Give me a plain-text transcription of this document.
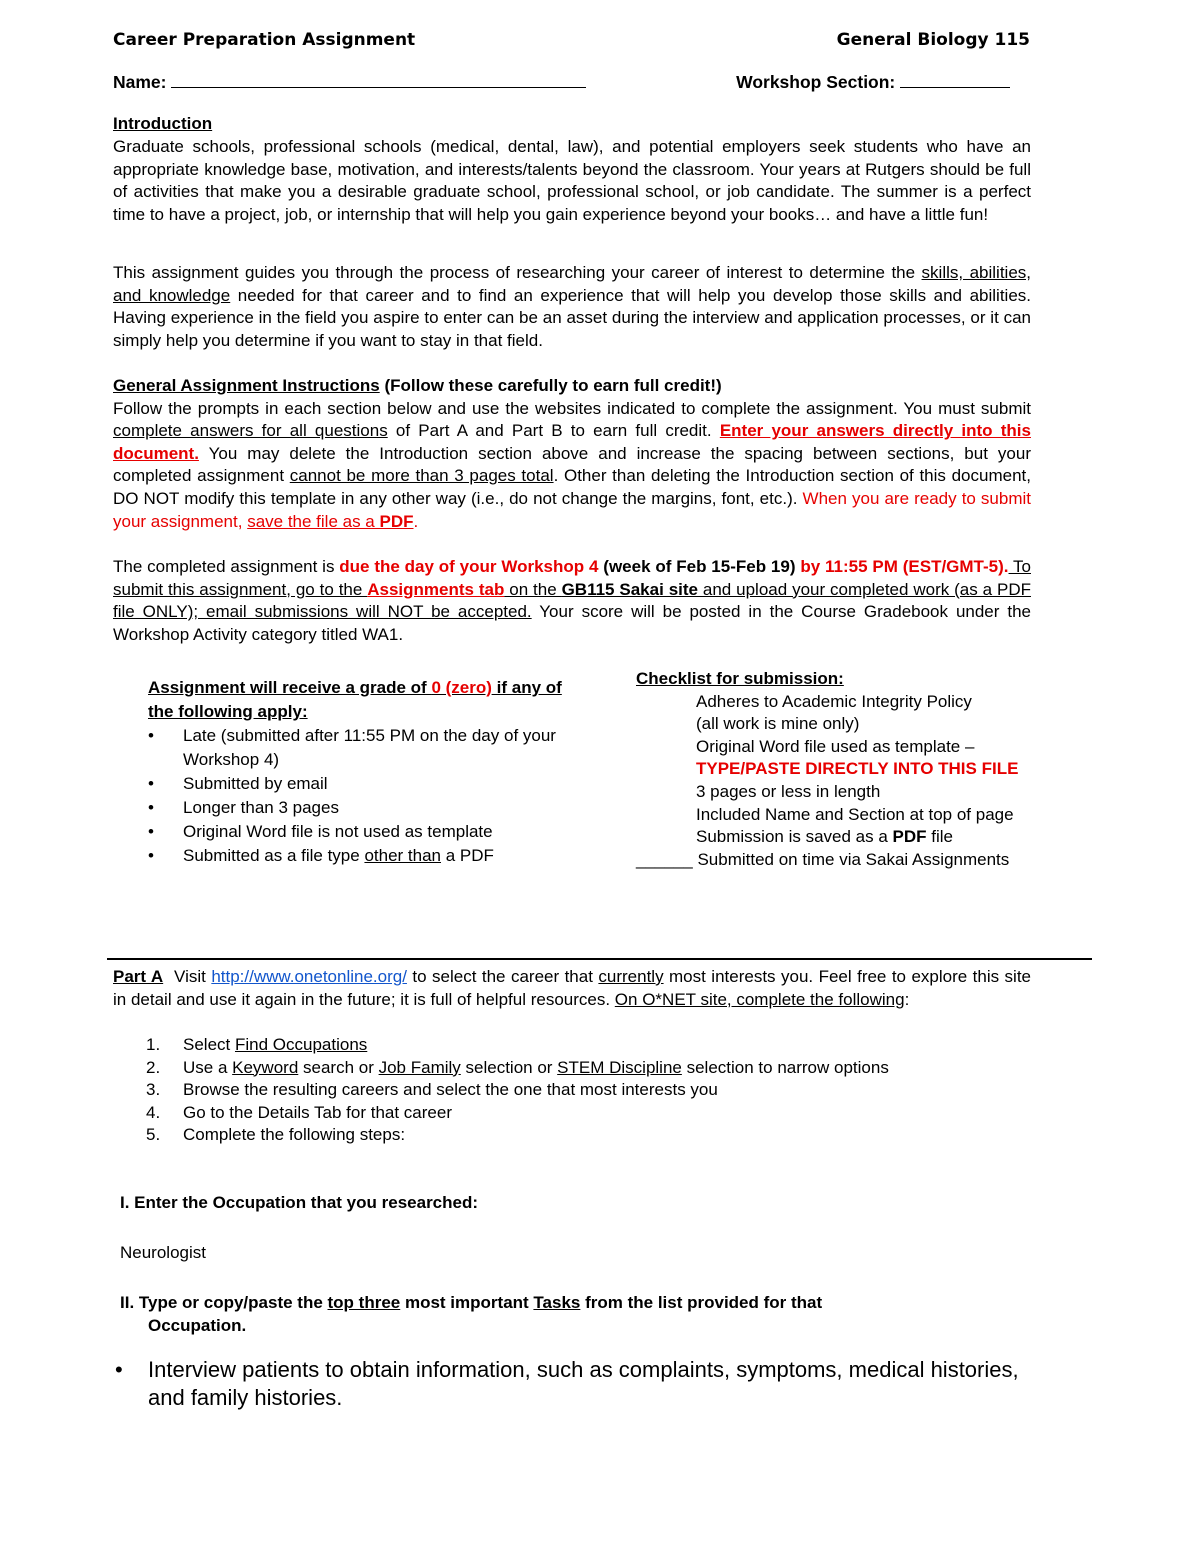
Career Preparation Assignment	General Biology 115
Name:	Workshop Section:
Introduction
Graduate schools, professional schools (medical, dental, law), and potential employers seek students who have an appropriate knowledge base, motivation, and interests/talents beyond the classroom. Your years at Rutgers should be full of activities that make you a desirable graduate school, professional school, or job candidate. The summer is a perfect time to have a project, job, or internship that will help you gain experience beyond your books… and have a little fun!
This assignment guides you through the process of researching your career of interest to determine the skills, abilities, and knowledge needed for that career and to find an experience that will help you develop those skills and abilities. Having experience in the field you aspire to enter can be an asset during the interview and application processes, or it can simply help you determine if you want to stay in that field.
General Assignment Instructions (Follow these carefully to earn full credit!)
Follow the prompts in each section below and use the websites indicated to complete the assignment. You must submit complete answers for all questions of Part A and Part B to earn full credit. Enter your answers directly into this document. You may delete the Introduction section above and increase the spacing between sections, but your completed assignment cannot be more than 3 pages total. Other than deleting the Introduction section of this document, DO NOT modify this template in any other way (i.e., do not change the margins, font, etc.). When you are ready to submit your assignment, save the file as a PDF.
The completed assignment is due the day of your Workshop 4 (week of Feb 15-Feb 19) by 11:55 PM (EST/GMT-5). To submit this assignment, go to the Assignments tab on the GB115 Sakai site and upload your completed work (as a PDF file ONLY); email submissions will NOT be accepted. Your score will be posted in the Course Gradebook under the Workshop Activity category titled WA1.
Assignment will receive a grade of 0 (zero) if any of the following apply:
• Late (submitted after 11:55 PM on the day of your Workshop 4)
• Submitted by email
• Longer than 3 pages
• Original Word file is not used as template
• Submitted as a file type other than a PDF
Checklist for submission:
Adheres to Academic Integrity Policy
(all work is mine only)
Original Word file used as template –
TYPE/PASTE DIRECTLY INTO THIS FILE
3 pages or less in length
Included Name and Section at top of page
Submission is saved as a PDF file
______ Submitted on time via Sakai Assignments
Part A  Visit http://www.onetonline.org/ to select the career that currently most interests you. Feel free to explore this site in detail and use it again in the future; it is full of helpful resources. On O*NET site, complete the following:
1. Select Find Occupations
2. Use a Keyword search or Job Family selection or STEM Discipline selection to narrow options
3. Browse the resulting careers and select the one that most interests you
4. Go to the Details Tab for that career
5. Complete the following steps:
I. Enter the Occupation that you researched:
Neurologist
II. Type or copy/paste the top three most important Tasks from the list provided for that
Occupation.
• Interview patients to obtain information, such as complaints, symptoms, medical histories, and family histories.
